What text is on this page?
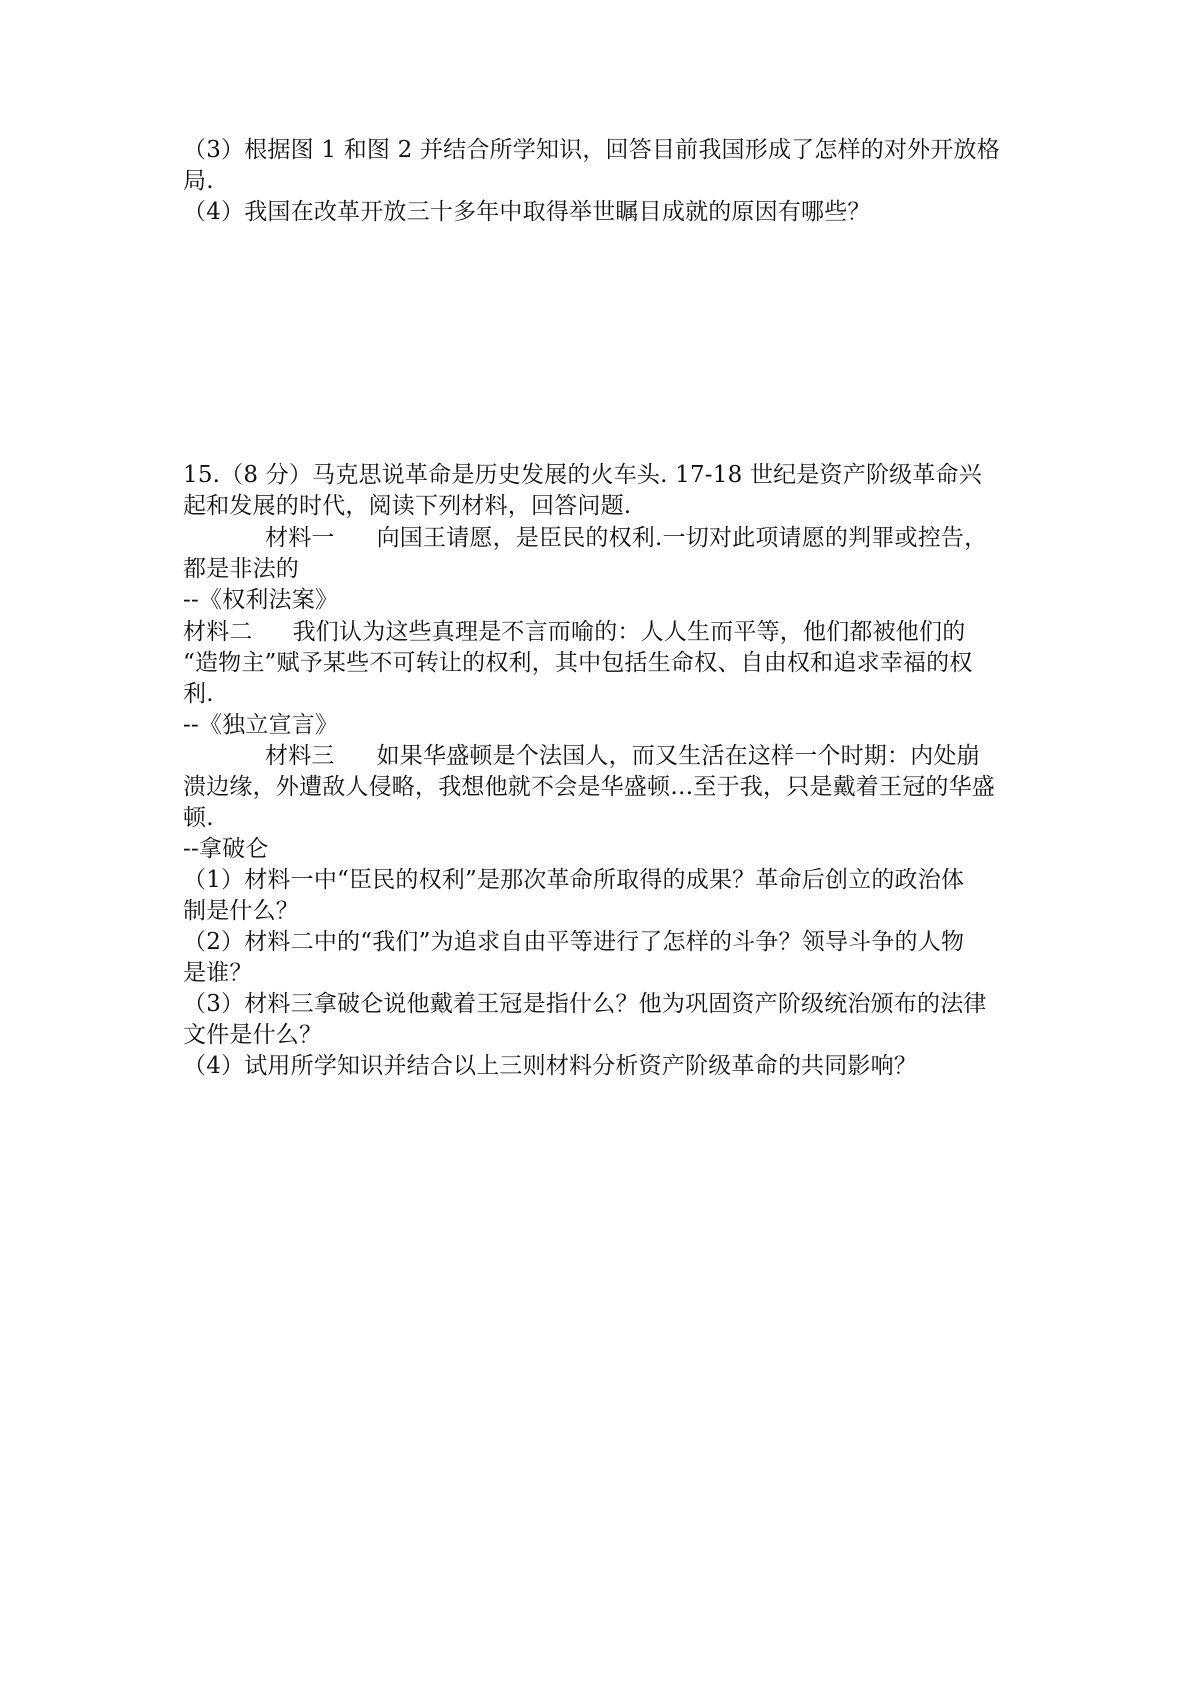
（3）根据图 1 和图 2 并结合所学知识，回答目前我国形成了怎样的对外开放格
局.
（4）我国在改革开放三十多年中取得举世瞩目成就的原因有哪些？
15.（8 分）马克思说革命是历史发展的火车头. 17-18 世纪是资产阶级革命兴
起和发展的时代，阅读下列材料，回答问题.
材料一 向国王请愿，是臣民的权利.一切对此项请愿的判罪或控告，
都是非法的
--《权利法案》
材料二 我们认为这些真理是不言而喻的：人人生而平等，他们都被他们的
“造物主”赋予某些不可转让的权利，其中包括生命权、自由权和追求幸福的权
利.
--《独立宣言》
材料三 如果华盛顿是个法国人，而又生活在这样一个时期：内处崩
溃边缘，外遭敌人侵略，我想他就不会是华盛顿…至于我，只是戴着王冠的华盛
顿.
--拿破仑
（1）材料一中“臣民的权利”是那次革命所取得的成果？革命后创立的政治体
制是什么？
（2）材料二中的“我们”为追求自由平等进行了怎样的斗争？领导斗争的人物
是谁？
（3）材料三拿破仑说他戴着王冠是指什么？他为巩固资产阶级统治颁布的法律
文件是什么？
（4）试用所学知识并结合以上三则材料分析资产阶级革命的共同影响？
